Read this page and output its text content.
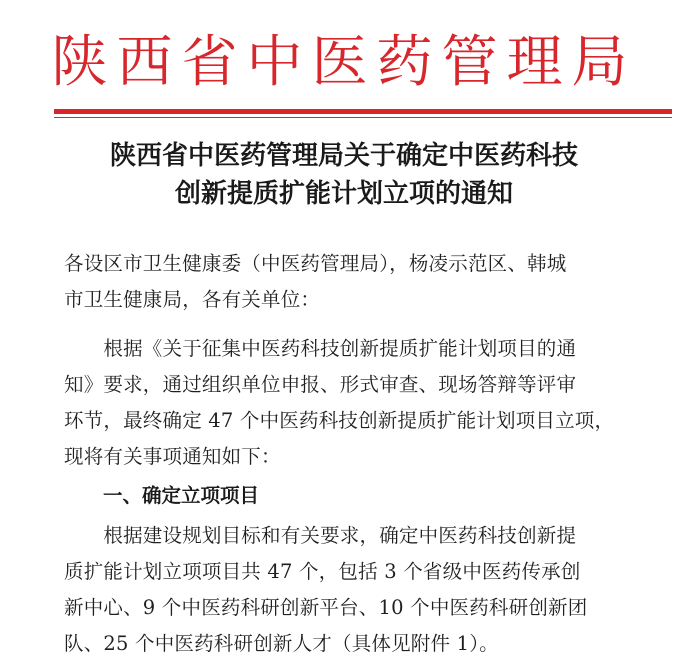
陕西省中医药管理局
陕西省中医药管理局关于确定中医药科技
创新提质扩能计划立项的通知
各设区市卫生健康委（中医药管理局），杨凌示范区、韩城
市卫生健康局，各有关单位：
　　根据《关于征集中医药科技创新提质扩能计划项目的通
知》要求，通过组织单位申报、形式审查、现场答辩等评审
环节，最终确定 47 个中医药科技创新提质扩能计划项目立项，
现将有关事项通知如下：
　　一、确定立项项目
　　根据建设规划目标和有关要求，确定中医药科技创新提
质扩能计划立项项目共 47 个，包括 3 个省级中医药传承创
新中心、9 个中医药科研创新平台、10 个中医药科研创新团
队、25 个中医药科研创新人才（具体见附件 1）。
